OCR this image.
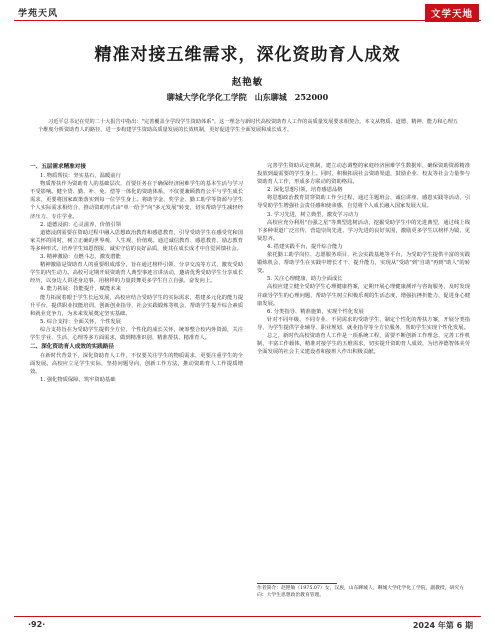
学苑天风	文学天地
精准对接五维需求，深化资助育人成效
赵艳敏
聊城大学化学化工学院　山东聊城　252000
习近平总书记在党的二十大报告中指出："完善覆盖全学段学生资助体系"。这一理念与新时代高校资助育人工作的高质量发展要求相契合。本文从物质、道德、精神、能力和心理五个维度分析资助育人的路径，进一步构建学生资助高质量发展的长效机制，更好促进学生全面发展和成长成才。

一、五层需求精准对接

1. 物质帮扶：坚实基石，温暖前行

物质帮扶作为资助育人的基础层次，首要任务在于确保经济困难学生的基本生活与学习不受影响。健全贷、勤、补、免、偿等一体化的资助体系，不仅要兼顾教育公平与学生成长需求，更要将国家政策落实到每一位学生身上。将助学金、奖学金、勤工助学等资源与学生个人实际需求相结合，推动资助形式由"单一给予"向"多元发展"转变，切实帮助学生减轻经济压力、专注学业。

2. 道德浸润：心灵滋养，价值引领

道德浸润需要在资助过程中融入思想政治教育和感恩教育，引导受助学生在感受党和国家关怀的同时，树立正确的世界观、人生观、价值观。通过诚信教育、感恩教育、励志教育等多种形式，培养学生知恩图报、诚实守信的良好品质，使其在成长成才中自觉回馈社会。

3. 精神激励：点燃斗志，激发潜能

精神激励是资助育人的重要组成部分，旨在通过榜样引领、分享交流等方式，激发受助学生的内生动力。高校可定期开展资助育人典型事迹宣讲活动，邀请优秀受助学生分享成长经历，以身边人讲述身边事，用榜样的力量鼓舞更多学生自立自强、奋发向上。

4. 能力拓展：技能提升，赋能未来

能力拓展着眼于学生长远发展，高校应结合受助学生的实际需求，搭建多元化的能力提升平台，提供职业技能培训、创新创业指导、社会实践锻炼等机会，帮助学生提升综合素质和就业竞争力，为未来发展奠定坚实基础。

5. 综合支持：全面关怀，个性发展

综合支持旨在为受助学生提供全方位、个性化的成长关怀，统筹整合校内外资源，关注学生学业、生活、心理等多方面需求，做到精准识别、精准帮扶、精准育人。

二、深化资助育人成效的实践路径

在新时代背景下，深化资助育人工作，不仅要关注学生的物质需求，更要注重学生的全面发展。高校应立足学生实际，坚持问题导向，创新工作方法，推动资助育人工作提质增效。

1. 强化物质保障，筑牢资助基础

完善学生资助认定机制，建立动态调整的家庭经济困难学生数据库，确保资助资源精准投放到最需要的学生身上。同时，积极拓展社会资助渠道，鼓励企业、校友等社会力量参与资助育人工作，形成多方联动的资助格局。

2. 深化思想引领，培育感恩品格

将思想政治教育贯穿资助工作全过程，通过主题班会、诚信讲座、感恩实践等活动，引导受助学生增强社会责任感和使命感，自觉将个人成长融入国家发展大局。

3. 学习先进，树立典型，激发学习动力

高校应充分利用"自强之星"等典型选树活动，挖掘受助学生中的先进典型，通过线上线下多种渠道广泛宣传，营造崇尚先进、学习先进的良好氛围，激励更多学生以榜样为镜、见贤思齐。

4. 搭建实践平台，提升综合能力

依托勤工助学岗位、志愿服务项目、社会实践基地等平台，为受助学生提供丰富的实践锻炼机会，帮助学生在实践中增长才干、提升能力，实现从"受助"到"自助"再到"助人"的转变。

5. 关注心理健康，助力全面成长

高校应建立健全受助学生心理健康档案，定期开展心理健康测评与咨询服务，及时发现并疏导学生的心理问题，帮助学生树立积极乐观的生活态度，增强抗挫折能力，促进身心健康发展。

6. 分类指导、精准施策，实现个性化发展

针对不同年级、不同专业、不同需求的受助学生，制定个性化的帮扶方案，开展分类指导，为学生提供学业辅导、职业规划、就业指导等全方位服务，帮助学生实现个性化发展。

总之，新时代高校资助育人工作是一项系统工程，需要不断创新工作理念、完善工作机制、丰富工作载体，精准对接学生的五维需求，切实提升资助育人成效，为培养德智体美劳全面发展的社会主义建设者和接班人作出积极贡献。

作者简介：赵艳敏（1975.07）女，汉族，山东聊城人，聊城大学化学化工学院，副教授，研究方向：大学生思想政治教育管理。
·92·	2024 年第 6 期
